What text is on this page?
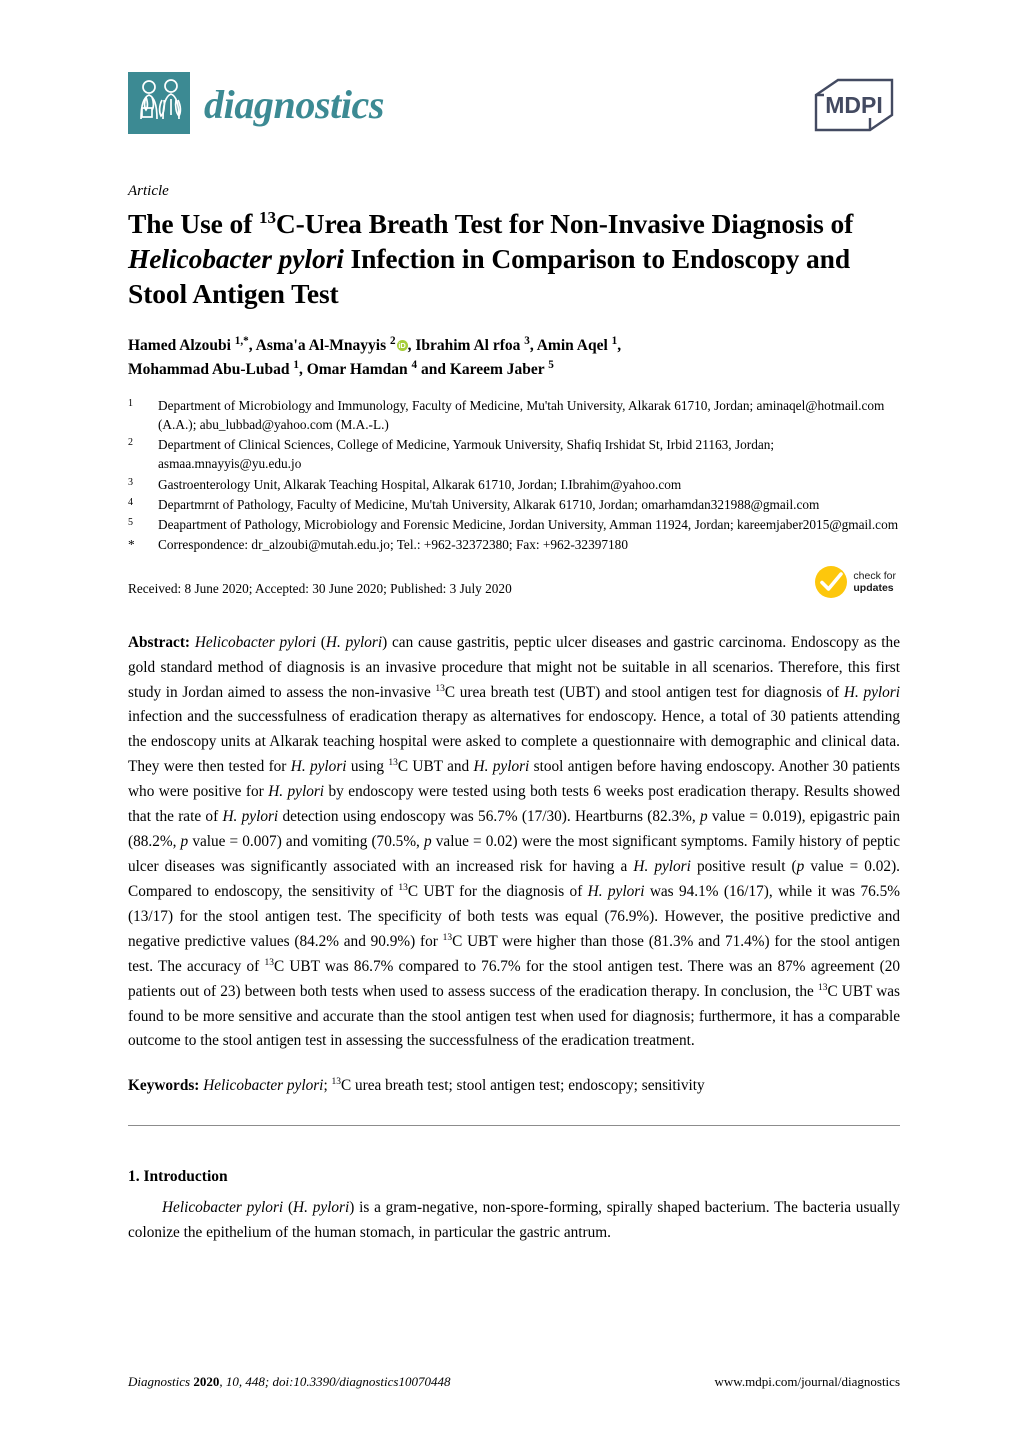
diagnostics	MDPI
Article
The Use of $^{13}$C-Urea Breath Test for Non-Invasive Diagnosis of Helicobacter pylori Infection in Comparison to Endoscopy and Stool Antigen Test
Hamed Alzoubi $^{1,*}$, Asma'a Al-Mnayyis $^2$ iD , Ibrahim Al rfoa $^3$, Amin Aqel $^1$,
Mohammad Abu-Lubad $^1$, Omar Hamdan $^4$ and Kareem Jaber $^5$
1	Department of Microbiology and Immunology, Faculty of Medicine, Mu'tah University, Alkarak 61710, Jordan; aminaqel@hotmail.com (A.A.); abu_lubbad@yahoo.com (M.A.-L.)
2	Department of Clinical Sciences, College of Medicine, Yarmouk University, Shafiq Irshidat St, Irbid 21163, Jordan; asmaa.mnayyis@yu.edu.jo
3	Gastroenterology Unit, Alkarak Teaching Hospital, Alkarak 61710, Jordan; I.Ibrahim@yahoo.com
4	Departmrnt of Pathology, Faculty of Medicine, Mu'tah University, Alkarak 61710, Jordan; omarhamdan321988@gmail.com
5	Deapartment of Pathology, Microbiology and Forensic Medicine, Jordan University, Amman 11924, Jordan; kareemjaber2015@gmail.com
*	Correspondence: dr_alzoubi@mutah.edu.jo; Tel.: +962-32372380; Fax: +962-32397180
Received: 8 June 2020; Accepted: 30 June 2020; Published: 3 July 2020
check for
updates
Abstract: Helicobacter pylori (H. pylori) can cause gastritis, peptic ulcer diseases and gastric carcinoma. Endoscopy as the gold standard method of diagnosis is an invasive procedure that might not be suitable in all scenarios. Therefore, this first study in Jordan aimed to assess the non-invasive $^{13}$C urea breath test (UBT) and stool antigen test for diagnosis of H. pylori infection and the successfulness of eradication therapy as alternatives for endoscopy. Hence, a total of 30 patients attending the endoscopy units at Alkarak teaching hospital were asked to complete a questionnaire with demographic and clinical data. They were then tested for H. pylori using $^{13}$C UBT and H. pylori stool antigen before having endoscopy. Another 30 patients who were positive for H. pylori by endoscopy were tested using both tests 6 weeks post eradication therapy. Results showed that the rate of H. pylori detection using endoscopy was 56.7% (17/30). Heartburns (82.3%, p value = 0.019), epigastric pain (88.2%, p value = 0.007) and vomiting (70.5%, p value = 0.02) were the most significant symptoms. Family history of peptic ulcer diseases was significantly associated with an increased risk for having a H. pylori positive result (p value = 0.02). Compared to endoscopy, the sensitivity of $^{13}$C UBT for the diagnosis of H. pylori was 94.1% (16/17), while it was 76.5% (13/17) for the stool antigen test. The specificity of both tests was equal (76.9%). However, the positive predictive and negative predictive values (84.2% and 90.9%) for $^{13}$C UBT were higher than those (81.3% and 71.4%) for the stool antigen test. The accuracy of $^{13}$C UBT was 86.7% compared to 76.7% for the stool antigen test. There was an 87% agreement (20 patients out of 23) between both tests when used to assess success of the eradication therapy. In conclusion, the $^{13}$C UBT was found to be more sensitive and accurate than the stool antigen test when used for diagnosis; furthermore, it has a comparable outcome to the stool antigen test in assessing the successfulness of the eradication treatment.
Keywords: Helicobacter pylori; $^{13}$C urea breath test; stool antigen test; endoscopy; sensitivity
1. Introduction

Helicobacter pylori (H. pylori) is a gram-negative, non-spore-forming, spirally shaped bacterium. The bacteria usually colonize the epithelium of the human stomach, in particular the gastric antrum.

Diagnostics 2020, 10, 448; doi:10.3390/diagnostics10070448	www.mdpi.com/journal/diagnostics
